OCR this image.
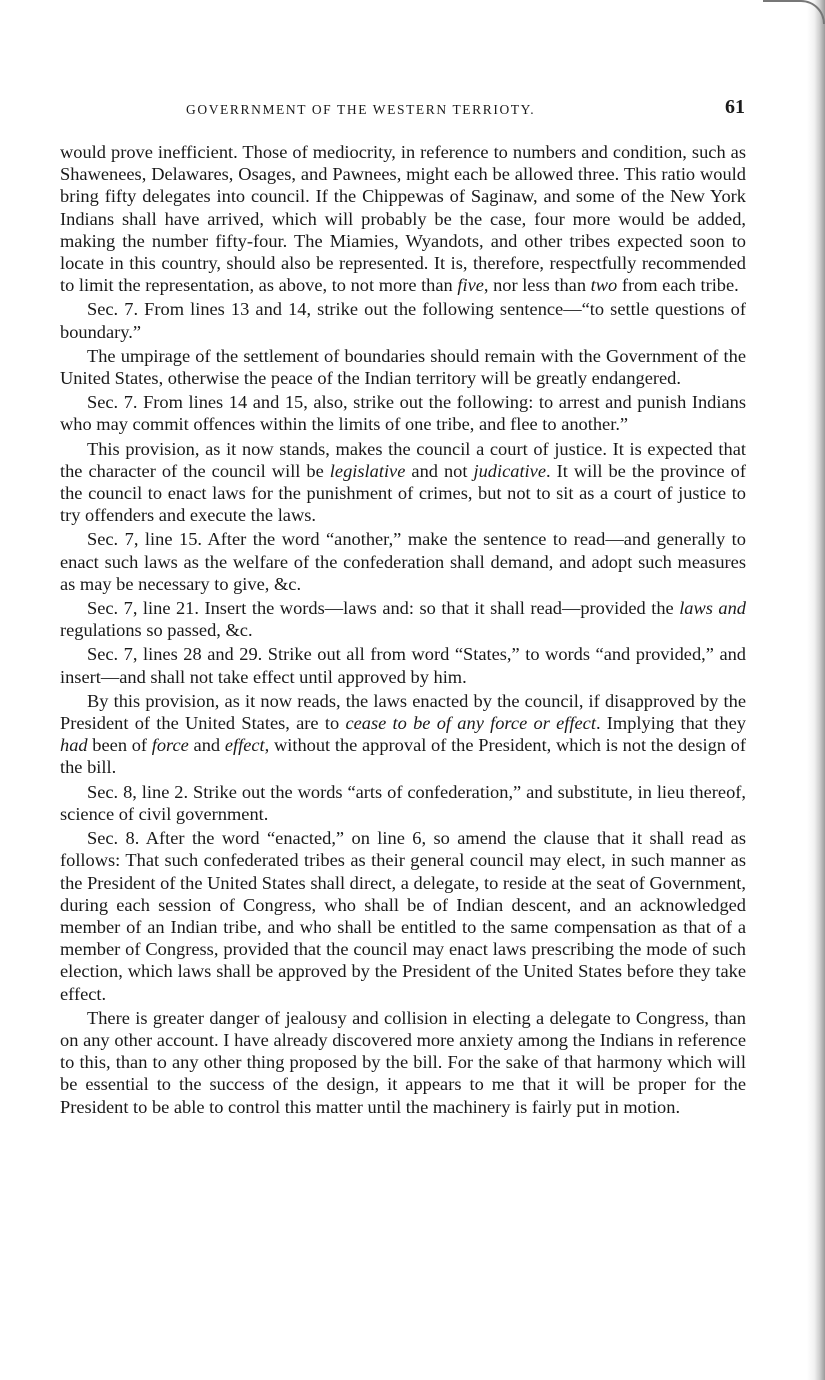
GOVERRNMENT OF THE WESTERN TERRIOTY.	61

would prove inefficient. Those of mediocrity, in reference to numbers and condition, such as Shawenees, Delawares, Osages, and Pawnees, might each be allowed three. This ratio would bring fifty delegates into council. If the Chippewas of Saginaw, and some of the New York Indians shall have arrived, which will probably be the case, four more would be added, making the number fifty-four. The Miamies, Wyandots, and other tribes expected soon to locate in this country, should also be represented. It is, therefore, respectfully recommended to limit the representation, as above, to not more than five, nor less than two from each tribe.

Sec. 7. From lines 13 and 14, strike out the following sentence—“to settle questions of boundary.”

The umpirage of the settlement of boundaries should remain with the Government of the United States, otherwise the peace of the Indian territory will be greatly endangered.

Sec. 7. From lines 14 and 15, also, strike out the following: to arrest and punish Indians who may commit offences within the limits of one tribe, and flee to another.”

This provision, as it now stands, makes the council a court of justice. It is expected that the character of the council will be legislative and not judicative. It will be the province of the council to enact laws for the punishment of crimes, but not to sit as a court of justice to try offenders and execute the laws.

Sec. 7, line 15. After the word “another,” make the sentence to read—and generally to enact such laws as the welfare of the confederation shall demand, and adopt such measures as may be necessary to give, &c.

Sec. 7, line 21. Insert the words—laws and: so that it shall read—provided the laws and regulations so passed, &c.

Sec. 7, lines 28 and 29. Strike out all from word “States,” to words “and provided,” and insert—and shall not take effect until approved by him.

By this provision, as it now reads, the laws enacted by the council, if disapproved by the President of the United States, are to cease to be of any force or effect. Implying that they had been of force and effect, without the approval of the President, which is not the design of the bill.

Sec. 8, line 2. Strike out the words “arts of confederation,” and substitute, in lieu thereof, science of civil government.

Sec. 8. After the word “enacted,” on line 6, so amend the clause that it shall read as follows: That such confederated tribes as their general council may elect, in such manner as the President of the United States shall direct, a delegate, to reside at the seat of Government, during each session of Congress, who shall be of Indian descent, and an acknowledged member of an Indian tribe, and who shall be entitled to the same compensation as that of a member of Congress, provided that the council may enact laws prescribing the mode of such election, which laws shall be approved by the President of the United States before they take effect.

There is greater danger of jealousy and collision in electing a delegate to Congress, than on any other account. I have already discovered more anxiety among the Indians in reference to this, than to any other thing proposed by the bill. For the sake of that harmony which will be essential to the success of the design, it appears to me that it will be proper for the President to be able to control this matter until the machinery is fairly put in motion.
